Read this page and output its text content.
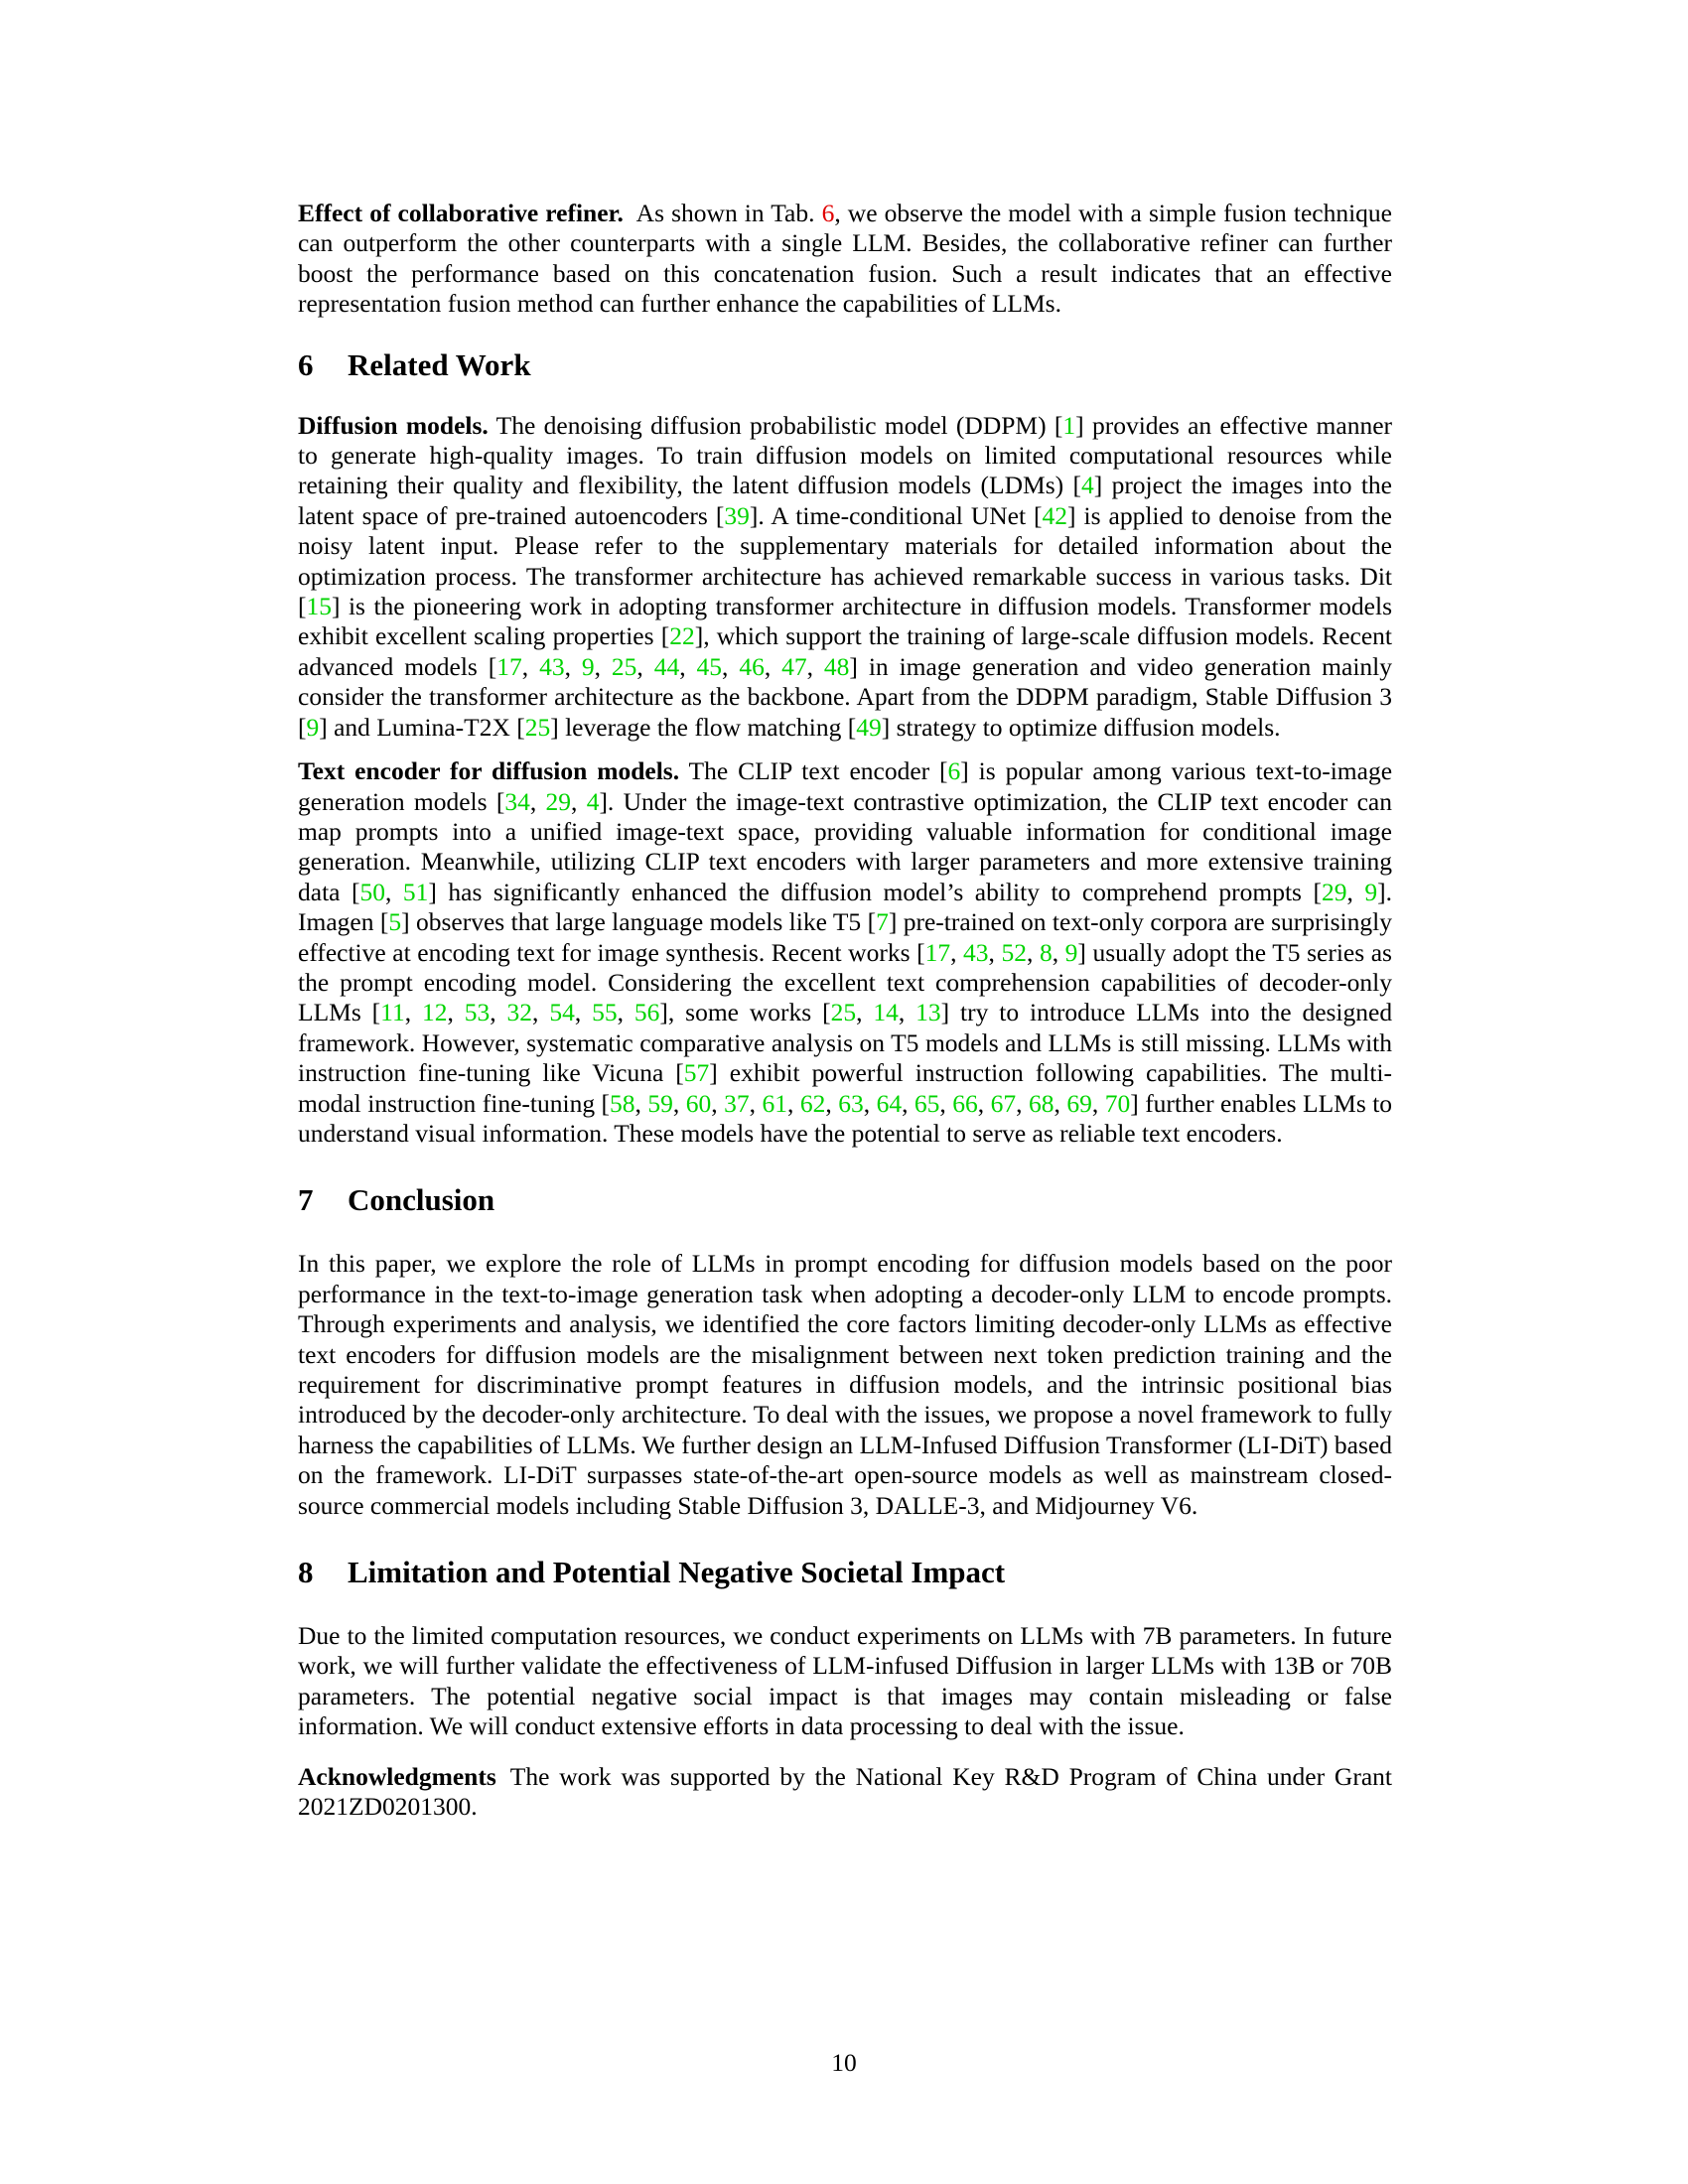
Effect of collaborative refiner. As shown in Tab. 6, we observe the model with a simple fusion technique can outperform the other counterparts with a single LLM. Besides, the collaborative refiner can further boost the performance based on this concatenation fusion. Such a result indicates that an effective representation fusion method can further enhance the capabilities of LLMs.

6 Related Work

Diffusion models. The denoising diffusion probabilistic model (DDPM) [1] provides an effective manner to generate high-quality images. To train diffusion models on limited computational resources while retaining their quality and flexibility, the latent diffusion models (LDMs) [4] project the images into the latent space of pre-trained autoencoders [39]. A time-conditional UNet [42] is applied to denoise from the noisy latent input. Please refer to the supplementary materials for detailed information about the optimization process. The transformer architecture has achieved remarkable success in various tasks. Dit [15] is the pioneering work in adopting transformer architecture in diffusion models. Transformer models exhibit excellent scaling properties [22], which support the training of large-scale diffusion models. Recent advanced models [17, 43, 9, 25, 44, 45, 46, 47, 48] in image generation and video generation mainly consider the transformer architecture as the backbone. Apart from the DDPM paradigm, Stable Diffusion 3 [9] and Lumina-T2X [25] leverage the flow matching [49] strategy to optimize diffusion models.

Text encoder for diffusion models. The CLIP text encoder [6] is popular among various text-to-image generation models [34, 29, 4]. Under the image-text contrastive optimization, the CLIP text encoder can map prompts into a unified image-text space, providing valuable information for conditional image generation. Meanwhile, utilizing CLIP text encoders with larger parameters and more extensive training data [50, 51] has significantly enhanced the diffusion model’s ability to comprehend prompts [29, 9]. Imagen [5] observes that large language models like T5 [7] pre-trained on text-only corpora are surprisingly effective at encoding text for image synthesis. Recent works [17, 43, 52, 8, 9] usually adopt the T5 series as the prompt encoding model. Considering the excellent text comprehension capabilities of decoder-only LLMs [11, 12, 53, 32, 54, 55, 56], some works [25, 14, 13] try to introduce LLMs into the designed framework. However, systematic comparative analysis on T5 models and LLMs is still missing. LLMs with instruction fine-tuning like Vicuna [57] exhibit powerful instruction following capabilities. The multi-modal instruction fine-tuning [58, 59, 60, 37, 61, 62, 63, 64, 65, 66, 67, 68, 69, 70] further enables LLMs to understand visual information. These models have the potential to serve as reliable text encoders.

7 Conclusion

In this paper, we explore the role of LLMs in prompt encoding for diffusion models based on the poor performance in the text-to-image generation task when adopting a decoder-only LLM to encode prompts. Through experiments and analysis, we identified the core factors limiting decoder-only LLMs as effective text encoders for diffusion models are the misalignment between next token prediction training and the requirement for discriminative prompt features in diffusion models, and the intrinsic positional bias introduced by the decoder-only architecture. To deal with the issues, we propose a novel framework to fully harness the capabilities of LLMs. We further design an LLM-Infused Diffusion Transformer (LI-DiT) based on the framework. LI-DiT surpasses state-of-the-art open-source models as well as mainstream closed-source commercial models including Stable Diffusion 3, DALLE-3, and Midjourney V6.

8 Limitation and Potential Negative Societal Impact

Due to the limited computation resources, we conduct experiments on LLMs with 7B parameters. In future work, we will further validate the effectiveness of LLM-infused Diffusion in larger LLMs with 13B or 70B parameters. The potential negative social impact is that images may contain misleading or false information. We will conduct extensive efforts in data processing to deal with the issue.

Acknowledgments The work was supported by the National Key R&D Program of China under Grant 2021ZD0201300.

10
